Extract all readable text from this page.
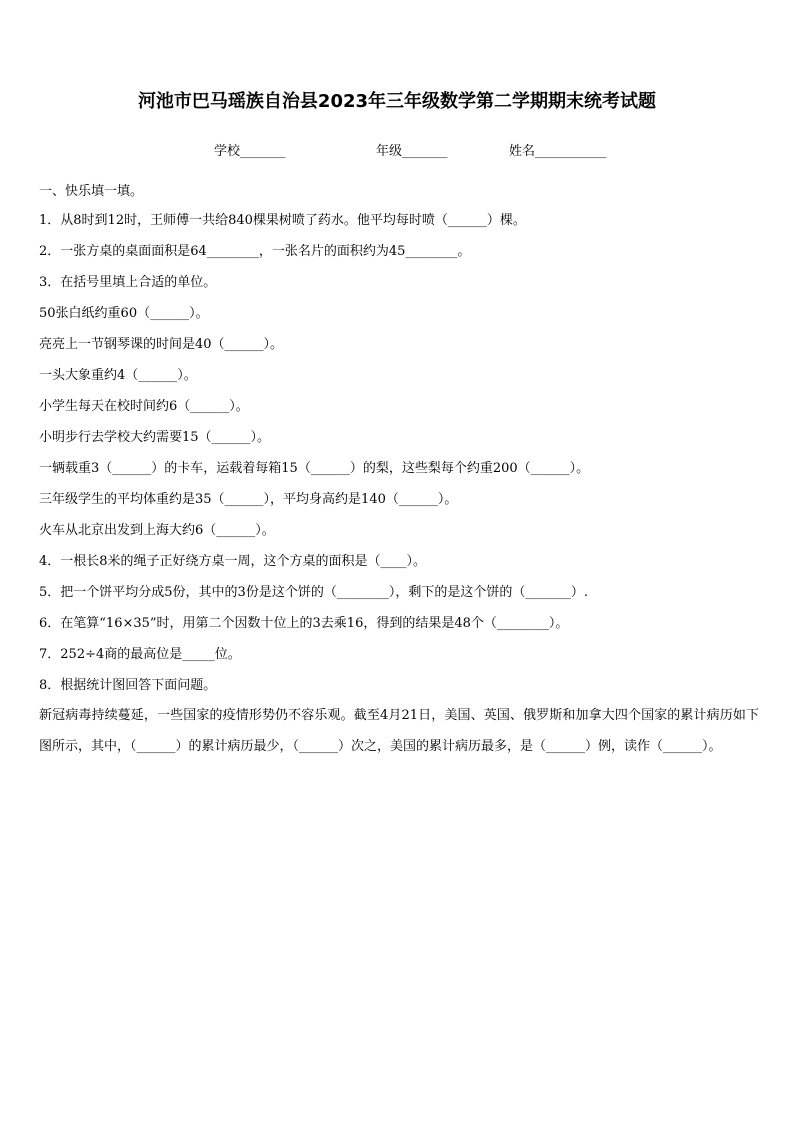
河池市巴马瑶族自治县2023年三年级数学第二学期期末统考试题
学校_______	年级_______	姓名___________
一、快乐填一填。
1．从8时到12时，王师傅一共给840棵果树喷了药水。他平均每时喷（______）棵。
2．一张方桌的桌面面积是64________，一张名片的面积约为45________。
3．在括号里填上合适的单位。
50张白纸约重60（______）。
亮亮上一节钢琴课的时间是40（______）。
一头大象重约4（______）。
小学生每天在校时间约6（______）。
小明步行去学校大约需要15（______）。
一辆载重3（______）的卡车，运载着每箱15（______）的梨，这些梨每个约重200（______）。
三年级学生的平均体重约是35（______），平均身高约是140（______）。
火车从北京出发到上海大约6（______）。
4．一根长8米的绳子正好绕方桌一周，这个方桌的面积是（____）。
5．把一个饼平均分成5份，其中的3份是这个饼的（________），剩下的是这个饼的（_______）.
6．在笔算“16×35”时，用第二个因数十位上的3去乘16，得到的结果是48个（________）。
7．252÷4商的最高位是_____位。
8．根据统计图回答下面问题。
新冠病毒持续蔓延，一些国家的疫情形势仍不容乐观。截至4月21日，美国、英国、俄罗斯和加拿大四个国家的累计病历如下图所示，其中，（______）的累计病历最少，（______）次之，美国的累计病历最多，是（______）例，读作（______）。
